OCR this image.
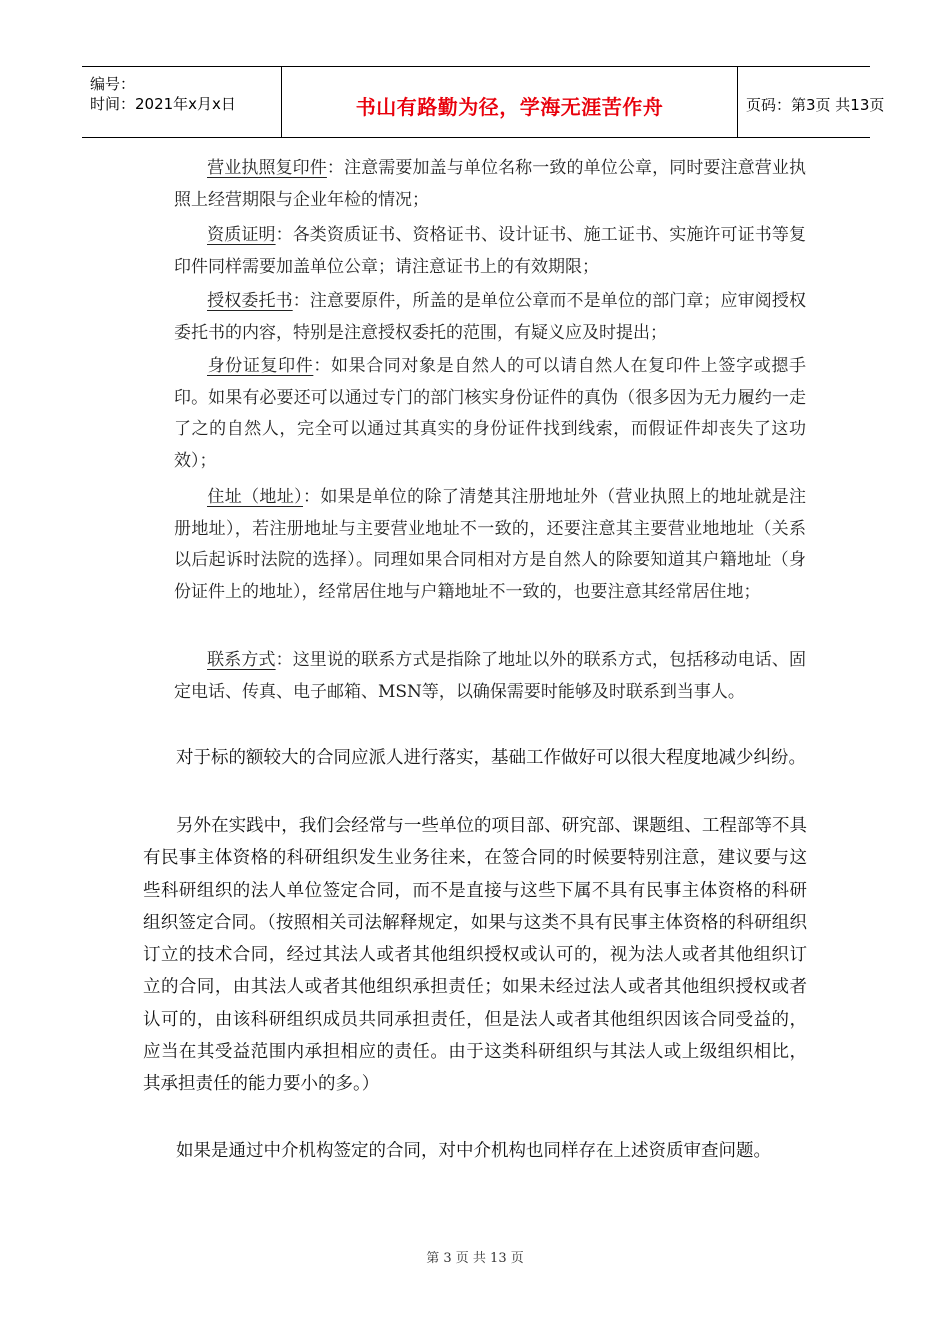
编号：
时间：2021年x月x日	书山有路勤为径，学海无涯苦作舟	页码：第3页 共13页
营业执照复印件：注意需要加盖与单位名称一致的单位公章，同时要注意营业执照上经营期限与企业年检的情况；
资质证明：各类资质证书、资格证书、设计证书、施工证书、实施许可证书等复印件同样需要加盖单位公章；请注意证书上的有效期限；
授权委托书：注意要原件，所盖的是单位公章而不是单位的部门章；应审阅授权委托书的内容，特别是注意授权委托的范围，有疑义应及时提出；
身份证复印件：如果合同对象是自然人的可以请自然人在复印件上签字或摁手印。如果有必要还可以通过专门的部门核实身份证件的真伪（很多因为无力履约一走了之的自然人，完全可以通过其真实的身份证件找到线索，而假证件却丧失了这功效）；
住址（地址）：如果是单位的除了清楚其注册地址外（营业执照上的地址就是注册地址），若注册地址与主要营业地址不一致的，还要注意其主要营业地地址（关系以后起诉时法院的选择）。同理如果合同相对方是自然人的除要知道其户籍地址（身份证件上的地址），经常居住地与户籍地址不一致的，也要注意其经常居住地；
联系方式：这里说的联系方式是指除了地址以外的联系方式，包括移动电话、固定电话、传真、电子邮箱、MSN等，以确保需要时能够及时联系到当事人。
对于标的额较大的合同应派人进行落实，基础工作做好可以很大程度地减少纠纷。
另外在实践中，我们会经常与一些单位的项目部、研究部、课题组、工程部等不具有民事主体资格的科研组织发生业务往来，在签合同的时候要特别注意，建议要与这些科研组织的法人单位签定合同，而不是直接与这些下属不具有民事主体资格的科研组织签定合同。（按照相关司法解释规定，如果与这类不具有民事主体资格的科研组织订立的技术合同，经过其法人或者其他组织授权或认可的，视为法人或者其他组织订立的合同，由其法人或者其他组织承担责任；如果未经过法人或者其他组织授权或者认可的，由该科研组织成员共同承担责任，但是法人或者其他组织因该合同受益的，应当在其受益范围内承担相应的责任。由于这类科研组织与其法人或上级组织相比，其承担责任的能力要小的多。）
如果是通过中介机构签定的合同，对中介机构也同样存在上述资质审查问题。
第 3 页 共 13 页
